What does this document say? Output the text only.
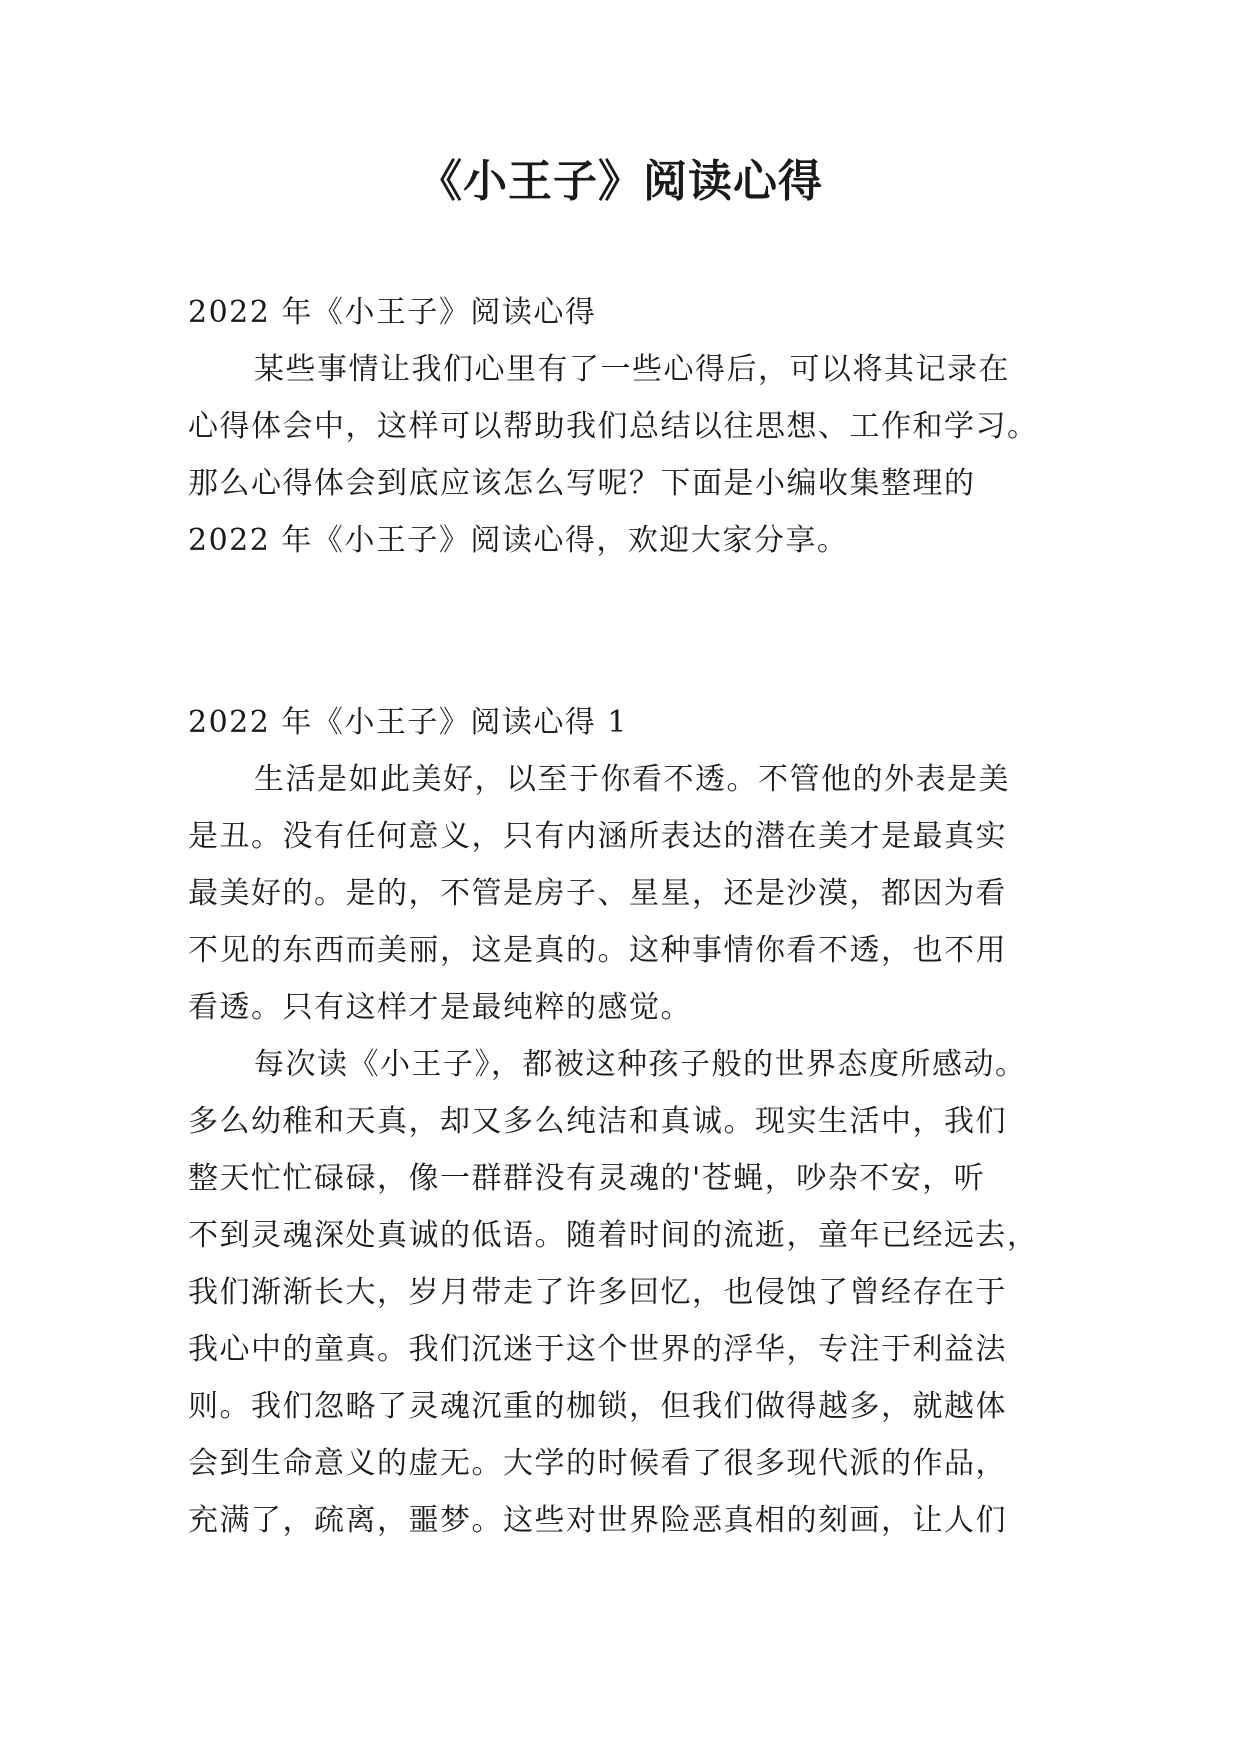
《小王子》阅读心得

2022 年《小王子》阅读心得

某些事情让我们心里有了一些心得后，可以将其记录在

心得体会中，这样可以帮助我们总结以往思想、工作和学习。

那么心得体会到底应该怎么写呢？下面是小编收集整理的

2022 年《小王子》阅读心得，欢迎大家分享。

2022 年《小王子》阅读心得 1

生活是如此美好，以至于你看不透。不管他的外表是美

是丑。没有任何意义，只有内涵所表达的潜在美才是最真实

最美好的。是的，不管是房子、星星，还是沙漠，都因为看

不见的东西而美丽，这是真的。这种事情你看不透，也不用

看透。只有这样才是最纯粹的感觉。

每次读《小王子》，都被这种孩子般的世界态度所感动。

多么幼稚和天真，却又多么纯洁和真诚。现实生活中，我们

整天忙忙碌碌，像一群群没有灵魂的'苍蝇，吵杂不安，听

不到灵魂深处真诚的低语。随着时间的流逝，童年已经远去，

我们渐渐长大，岁月带走了许多回忆，也侵蚀了曾经存在于

我心中的童真。我们沉迷于这个世界的浮华，专注于利益法

则。我们忽略了灵魂沉重的枷锁，但我们做得越多，就越体

会到生命意义的虚无。大学的时候看了很多现代派的作品，

充满了，疏离，噩梦。这些对世界险恶真相的刻画，让人们
